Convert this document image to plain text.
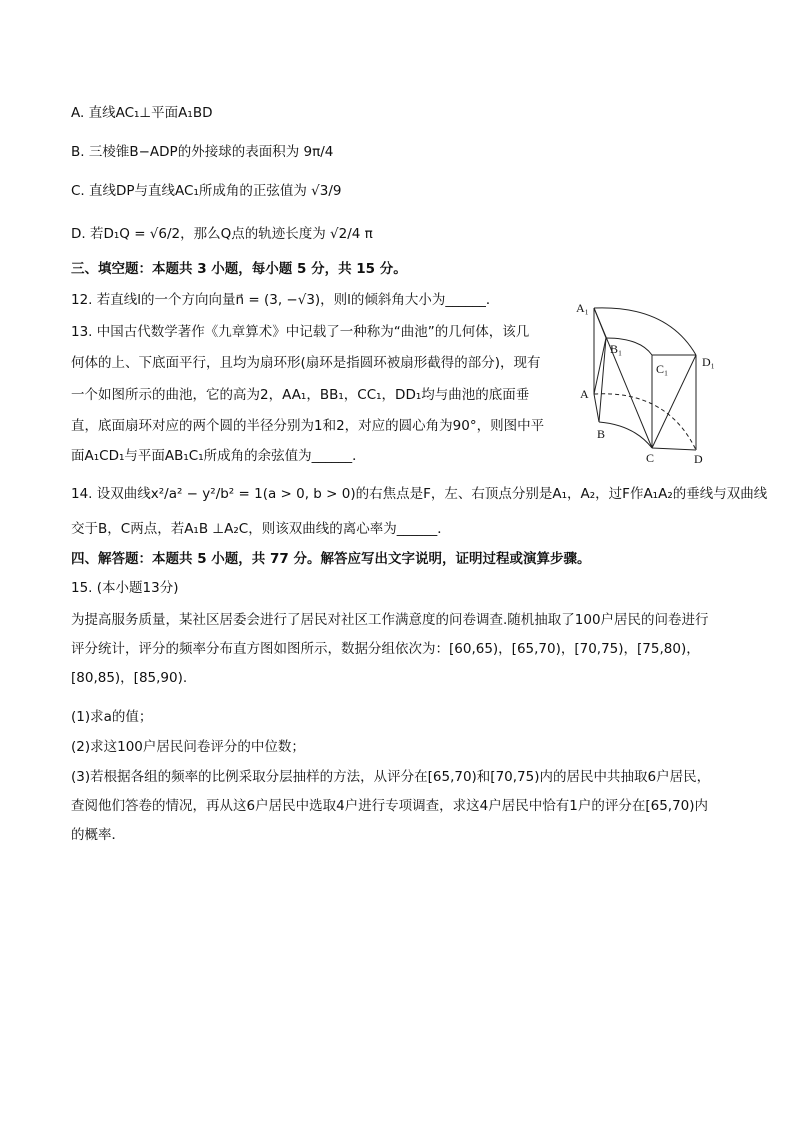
A. 直线AC₁⊥平面A₁BD
B. 三棱锥B−ADP的外接球的表面积为 9π/4
C. 直线DP与直线AC₁所成角的正弦值为 √3/9
D. 若D₁Q = √6/2，那么Q点的轨迹长度为 √2/4 π
三、填空题：本题共 3 小题，每小题 5 分，共 15 分。
12. 若直线l的一个方向向量n⃗ = (3, −√3)，则l的倾斜角大小为______．
13. 中国古代数学著作《九章算术》中记载了一种称为“曲池”的几何体，该几
何体的上、下底面平行，且均为扇环形(扇环是指圆环被扇形截得的部分)，现有
一个如图所示的曲池，它的高为2，AA₁，BB₁，CC₁，DD₁均与曲池的底面垂
直，底面扇环对应的两个圆的半径分别为1和2，对应的圆心角为90°，则图中平
面A₁CD₁与平面AB₁C₁所成角的余弦值为______．
A₁
B₁
C₁	D₁
A
B
C	D
14. 设双曲线x²/a² − y²/b² = 1(a > 0, b > 0)的右焦点是F，左、右顶点分别是A₁，A₂，过F作A₁A₂的垂线与双曲线
交于B，C两点，若A₁B ⊥A₂C，则该双曲线的离心率为______．
四、解答题：本题共 5 小题，共 77 分。解答应写出文字说明，证明过程或演算步骤。
15. (本小题13分)
为提高服务质量，某社区居委会进行了居民对社区工作满意度的问卷调查.随机抽取了100户居民的问卷进行评分统计，评分的频率分布直方图如图所示，数据分组依次为：[60,65)，[65,70)，[70,75)，[75,80)，[80,85)，[85,90).
(1)求a的值；
(2)求这100户居民问卷评分的中位数；
(3)若根据各组的频率的比例采取分层抽样的方法，从评分在[65,70)和[70,75)内的居民中共抽取6户居民，查阅他们答卷的情况，再从这6户居民中选取4户进行专项调查，求这4户居民中恰有1户的评分在[65,70)内的概率．
